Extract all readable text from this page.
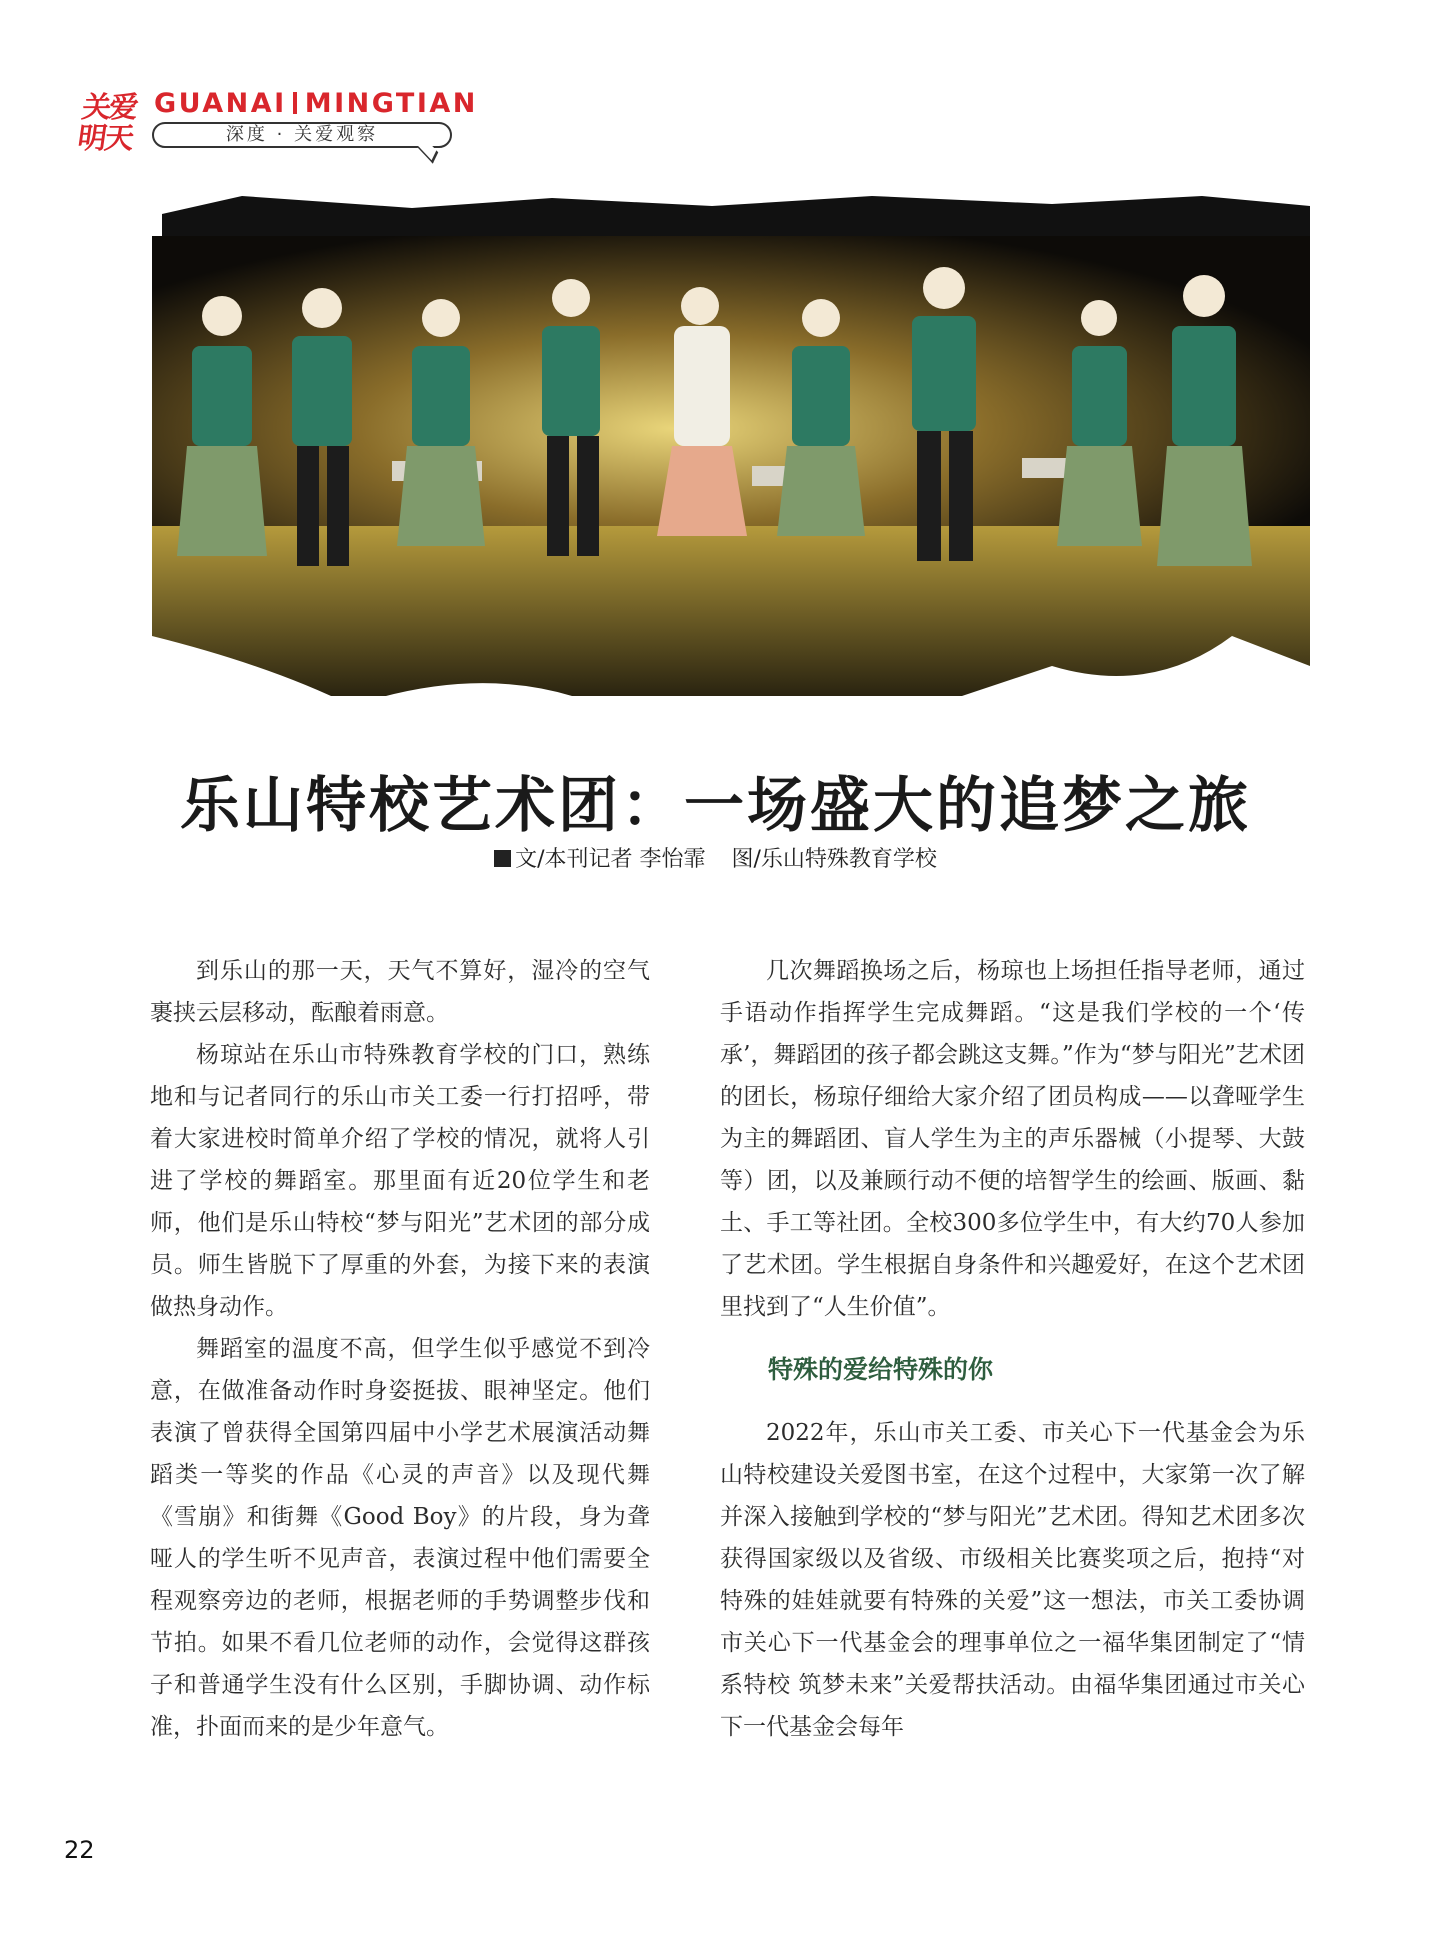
关爱
明天
GUANAI MINGTIAN
深度 · 关爱观察
乐山特校艺术团：一场盛大的追梦之旅
文/本刊记者 李怡霏 图/乐山特殊教育学校

到乐山的那一天，天气不算好，湿冷的空气裹挟云层移动，酝酿着雨意。

杨琼站在乐山市特殊教育学校的门口，熟练地和与记者同行的乐山市关工委一行打招呼，带着大家进校时简单介绍了学校的情况，就将人引进了学校的舞蹈室。那里面有近20位学生和老师，他们是乐山特校“梦与阳光”艺术团的部分成员。师生皆脱下了厚重的外套，为接下来的表演做热身动作。

舞蹈室的温度不高，但学生似乎感觉不到冷意，在做准备动作时身姿挺拔、眼神坚定。他们表演了曾获得全国第四届中小学艺术展演活动舞蹈类一等奖的作品《心灵的声音》以及现代舞《雪崩》和街舞《Good Boy》的片段，身为聋哑人的学生听不见声音，表演过程中他们需要全程观察旁边的老师，根据老师的手势调整步伐和节拍。如果不看几位老师的动作，会觉得这群孩子和普通学生没有什么区别，手脚协调、动作标准，扑面而来的是少年意气。

几次舞蹈换场之后，杨琼也上场担任指导老师，通过手语动作指挥学生完成舞蹈。“这是我们学校的一个‘传承’，舞蹈团的孩子都会跳这支舞。”作为“梦与阳光”艺术团的团长，杨琼仔细给大家介绍了团员构成——以聋哑学生为主的舞蹈团、盲人学生为主的声乐器械（小提琴、大鼓等）团，以及兼顾行动不便的培智学生的绘画、版画、黏土、手工等社团。全校300多位学生中，有大约70人参加了艺术团。学生根据自身条件和兴趣爱好，在这个艺术团里找到了“人生价值”。

特殊的爱给特殊的你

2022年，乐山市关工委、市关心下一代基金会为乐山特校建设关爱图书室，在这个过程中，大家第一次了解并深入接触到学校的“梦与阳光”艺术团。得知艺术团多次获得国家级以及省级、市级相关比赛奖项之后，抱持“对特殊的娃娃就要有特殊的关爱”这一想法，市关工委协调市关心下一代基金会的理事单位之一福华集团制定了“情系特校 筑梦未来”关爱帮扶活动。由福华集团通过市关心下一代基金会每年

22
